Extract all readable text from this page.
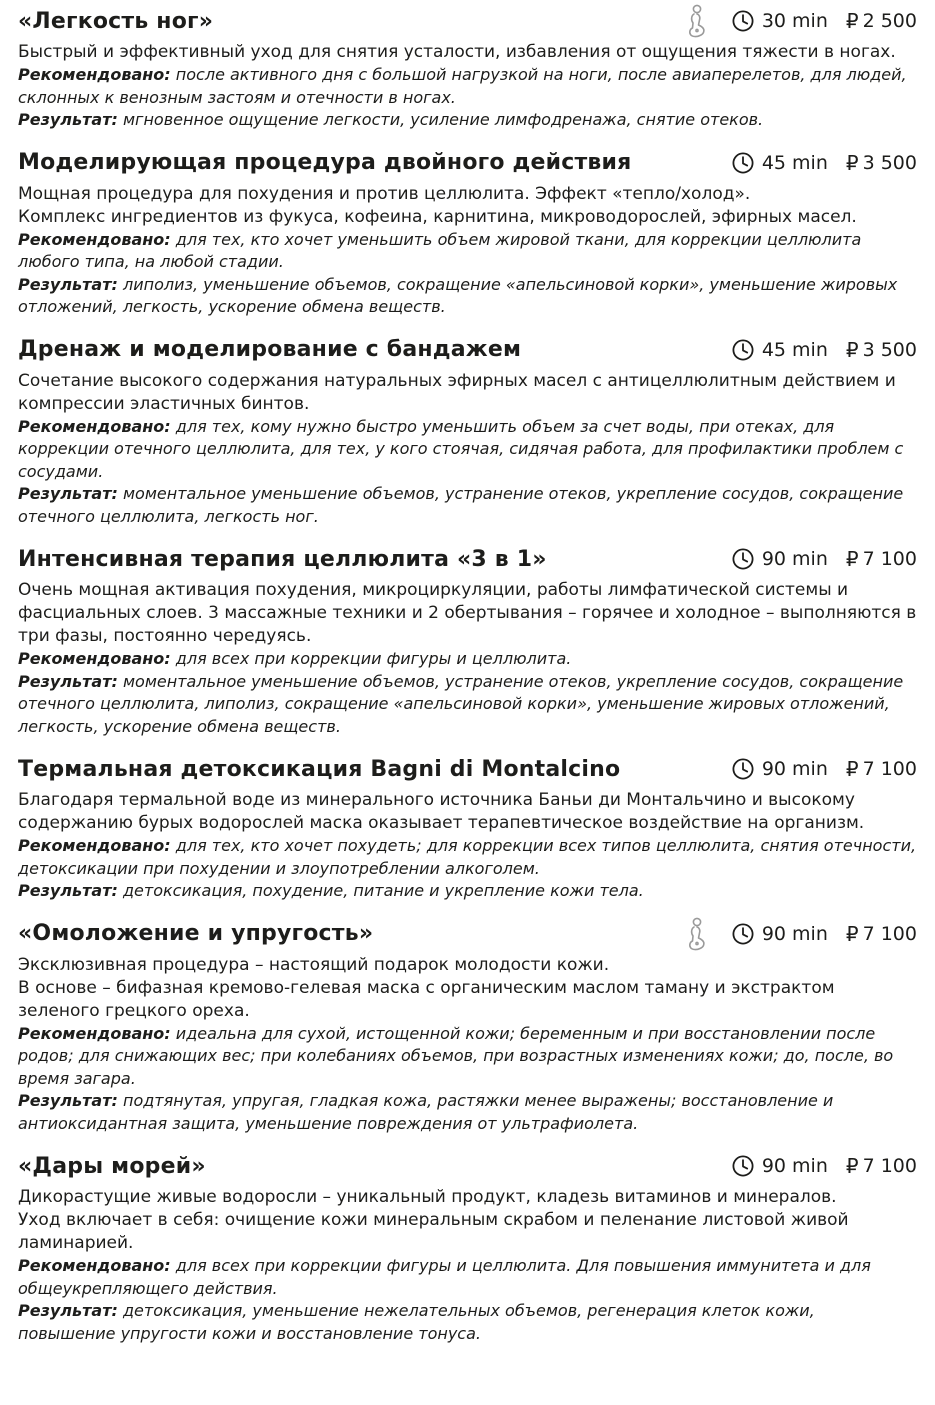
«Легкость ног»	30 min ₽ 2 500

Быстрый и эффективный уход для снятия усталости, избавления от ощущения тяжести в ногах.

Рекомендовано: после активного дня с большой нагрузкой на ноги, после авиаперелетов, для людей, склонных к венозным застоям и отечности в ногах.

Результат: мгновенное ощущение легкости, усиление лимфодренажа, снятие отеков.

Моделирующая процедура двойного действия	45 min ₽ 3 500

Мощная процедура для похудения и против целлюлита. Эффект «тепло/холод».

Комплекс ингредиентов из фукуса, кофеина, карнитина, микроводорослей, эфирных масел.

Рекомендовано: для тех, кто хочет уменьшить объем жировой ткани, для коррекции целлюлита любого типа, на любой стадии.

Результат: липолиз, уменьшение объемов, сокращение «апельсиновой корки», уменьшение жировых отложений, легкость, ускорение обмена веществ.

Дренаж и моделирование с бандажем	45 min ₽ 3 500

Сочетание высокого содержания натуральных эфирных масел с антицеллюлитным действием и компрессии эластичных бинтов.

Рекомендовано: для тех, кому нужно быстро уменьшить объем за счет воды, при отеках, для коррекции отечного целлюлита, для тех, у кого стоячая, сидячая работа, для профилактики проблем с сосудами.

Результат: моментальное уменьшение объемов, устранение отеков, укрепление сосудов, сокращение отечного целлюлита, легкость ног.

Интенсивная терапия целлюлита «3 в 1»	90 min ₽ 7 100

Очень мощная активация похудения, микроциркуляции, работы лимфатической системы и фасциальных слоев. 3 массажные техники и 2 обертывания – горячее и холодное – выполняются в три фазы, постоянно чередуясь.

Рекомендовано: для всех при коррекции фигуры и целлюлита.

Результат: моментальное уменьшение объемов, устранение отеков, укрепление сосудов, сокращение отечного целлюлита, липолиз, сокращение «апельсиновой корки», уменьшение жировых отложений, легкость, ускорение обмена веществ.

Термальная детоксикация Bagni di Montalcino	90 min ₽ 7 100

Благодаря термальной воде из минерального источника Баньи ди Монтальчино и высокому содержанию бурых водорослей маска оказывает терапевтическое воздействие на организм.

Рекомендовано: для тех, кто хочет похудеть; для коррекции всех типов целлюлита, снятия отечности, детоксикации при похудении и злоупотреблении алкоголем.

Результат: детоксикация, похудение, питание и укрепление кожи тела.

«Омоложение и упругость»	90 min ₽ 7 100

Эксклюзивная процедура – настоящий подарок молодости кожи.

В основе – бифазная кремово-гелевая маска с органическим маслом таману и экстрактом зеленого грецкого ореха.

Рекомендовано: идеальна для сухой, истощенной кожи; беременным и при восстановлении после родов; для снижающих вес; при колебаниях объемов, при возрастных изменениях кожи; до, после, во время загара.

Результат: подтянутая, упругая, гладкая кожа, растяжки менее выражены; восстановление и антиоксидантная защита, уменьшение повреждения от ультрафиолета.

«Дары морей»	90 min ₽ 7 100

Дикорастущие живые водоросли – уникальный продукт, кладезь витаминов и минералов.

Уход включает в себя: очищение кожи минеральным скрабом и пеленание листовой живой ламинарией.

Рекомендовано: для всех при коррекции фигуры и целлюлита. Для повышения иммунитета и для общеукрепляющего действия.

Результат: детоксикация, уменьшение нежелательных объемов, регенерация клеток кожи, повышение упругости кожи и восстановление тонуса.
